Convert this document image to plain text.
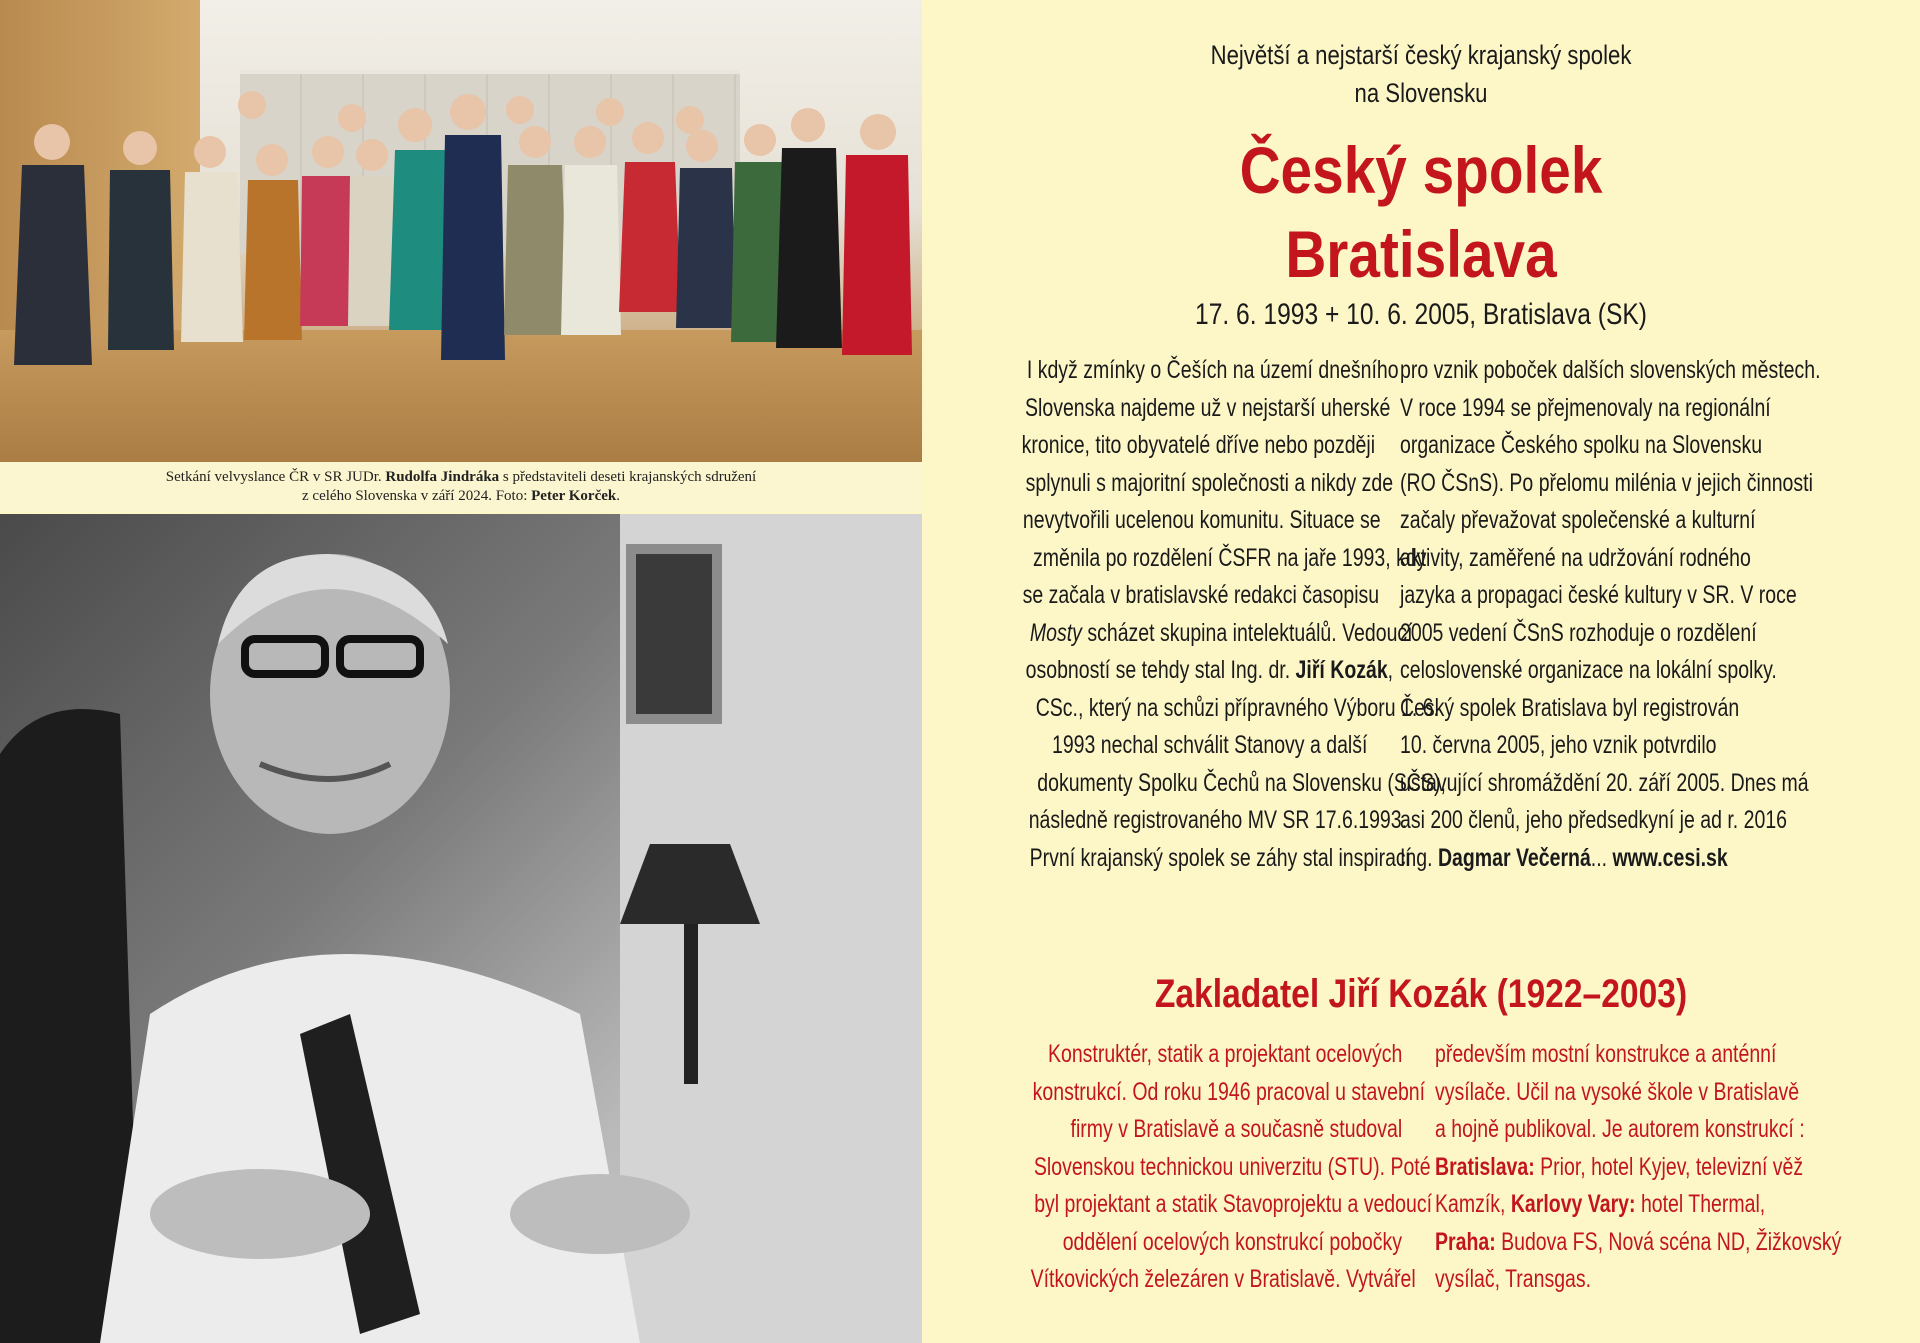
Setkání velvyslance ČR v SR JUDr. Rudolfa Jindráka s představiteli deseti krajanských sdružení
z celého Slovenska v září 2024. Foto: Peter Korček.
Největší a nejstarší český krajanský spolek
na Slovensku
Český spolek
Bratislava
17. 6. 1993 + 10. 6. 2005, Bratislava (SK)
I když zmínky o Češích na území dnešního
Slovenska najdeme už v nejstarší uherské
kronice, tito obyvatelé dříve nebo později
splynuli s majoritní společnosti a nikdy zde
nevytvořili ucelenou komunitu. Situace se
změnila po rozdělení ČSFR na jaře 1993, kdy
se začala v bratislavské redakci časopisu
Mosty scházet skupina intelektuálů. Vedoucí
osobností se tehdy stal Ing. dr. Jiří Kozák,
CSc., který na schůzi přípravného Výboru 1. 6.
1993 nechal schválit Stanovy a další
dokumenty Spolku Čechů na Slovensku (SČS),
následně registrovaného MV SR 17.6.1993.
První krajanský spolek se záhy stal inspirací
pro vznik poboček dalších slovenských městech.
V roce 1994 se přejmenovaly na regionální
organizace Českého spolku na Slovensku
(RO ČSnS). Po přelomu milénia v jejich činnosti
začaly převažovat společenské a kulturní
aktivity, zaměřené na udržování rodného
jazyka a propagaci české kultury v SR. V roce
2005 vedení ČSnS rozhoduje o rozdělení
celoslovenské organizace na lokální spolky.
Český spolek Bratislava byl registrován
10. června 2005, jeho vznik potvrdilo
ustavující shromáždění 20. září 2005. Dnes má
asi 200 členů, jeho předsedkyní je ad r. 2016
Ing. Dagmar Večerná... www.cesi.sk
Zakladatel Jiří Kozák (1922–2003)
Konstruktér, statik a projektant ocelových
konstrukcí. Od roku 1946 pracoval u stavební
firmy v Bratislavě a současně studoval
Slovenskou technickou univerzitu (STU). Poté
byl projektant a statik Stavoprojektu a vedoucí
oddělení ocelových konstrukcí pobočky
Vítkovických železáren v Bratislavě. Vytvářel
především mostní konstrukce a anténní
vysílače. Učil na vysoké škole v Bratislavě
a hojně publikoval. Je autorem konstrukcí :
Bratislava: Prior, hotel Kyjev, televizní věž
Kamzík, Karlovy Vary: hotel Thermal,
Praha: Budova FS, Nová scéna ND, Žižkovský
vysílač, Transgas.
